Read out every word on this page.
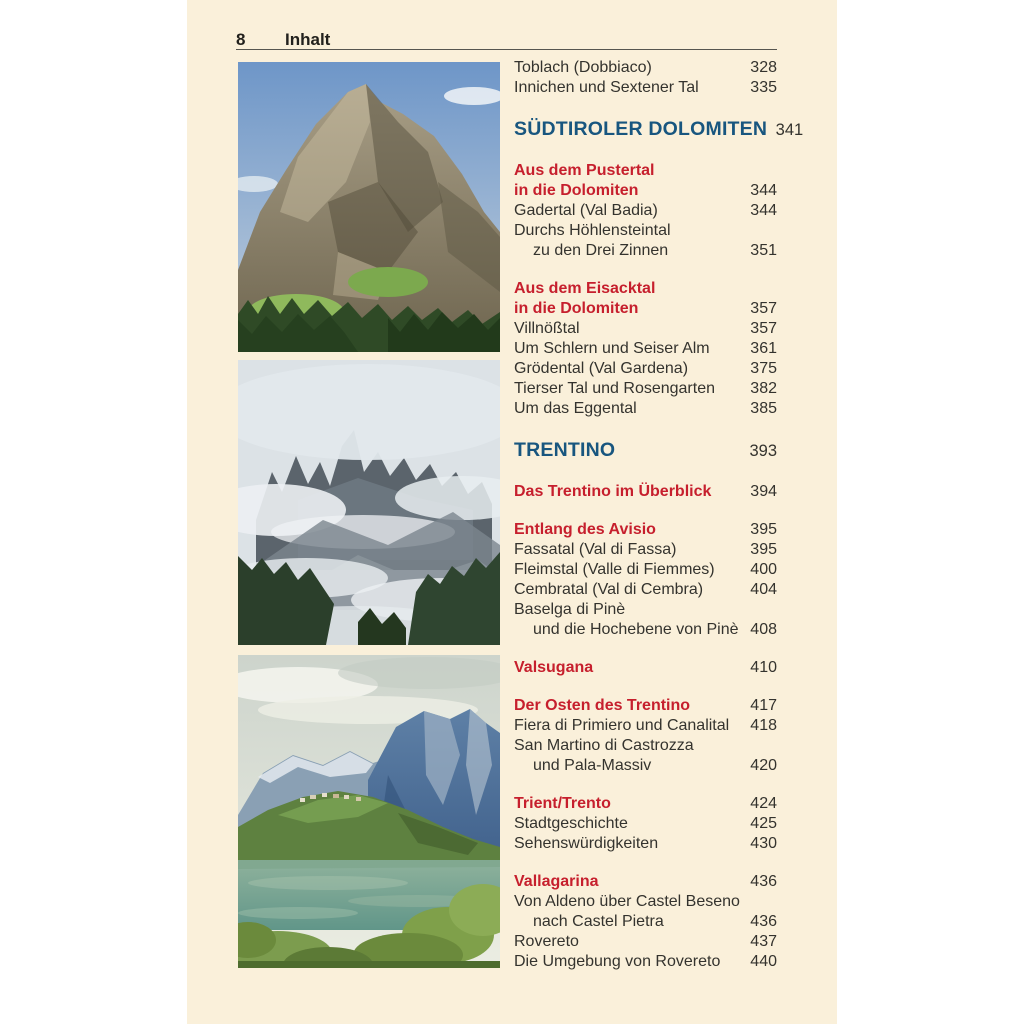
8 Inhalt
Toblach (Dobbiaco)	328
Innichen und Sextener Tal	335
SÜDTIROLER DOLOMITEN 341
Aus dem Pustertal
in die Dolomiten	344
Gadertal (Val Badia)	344
Durchs Höhlensteintal
zu den Drei Zinnen	351
Aus dem Eisacktal
in die Dolomiten	357
Villnößtal	357
Um Schlern und Seiser Alm	361
Grödental (Val Gardena)	375
Tierser Tal und Rosengarten	382
Um das Eggental	385
TRENTINO	393
Das Trentino im Überblick	394
Entlang des Avisio	395
Fassatal (Val di Fassa)	395
Fleimstal (Valle di Fiemmes)	400
Cembratal (Val di Cembra)	404
Baselga di Pinè
und die Hochebene von Pinè 408
Valsugana	410
Der Osten des Trentino	417
Fiera di Primiero und Canalital	418
San Martino di Castrozza
und Pala-Massiv	420
Trient/Trento	424
Stadtgeschichte	425
Sehenswürdigkeiten	430
Vallagarina	436
Von Aldeno über Castel Beseno
nach Castel Pietra	436
Rovereto	437
Die Umgebung von Rovereto	440
